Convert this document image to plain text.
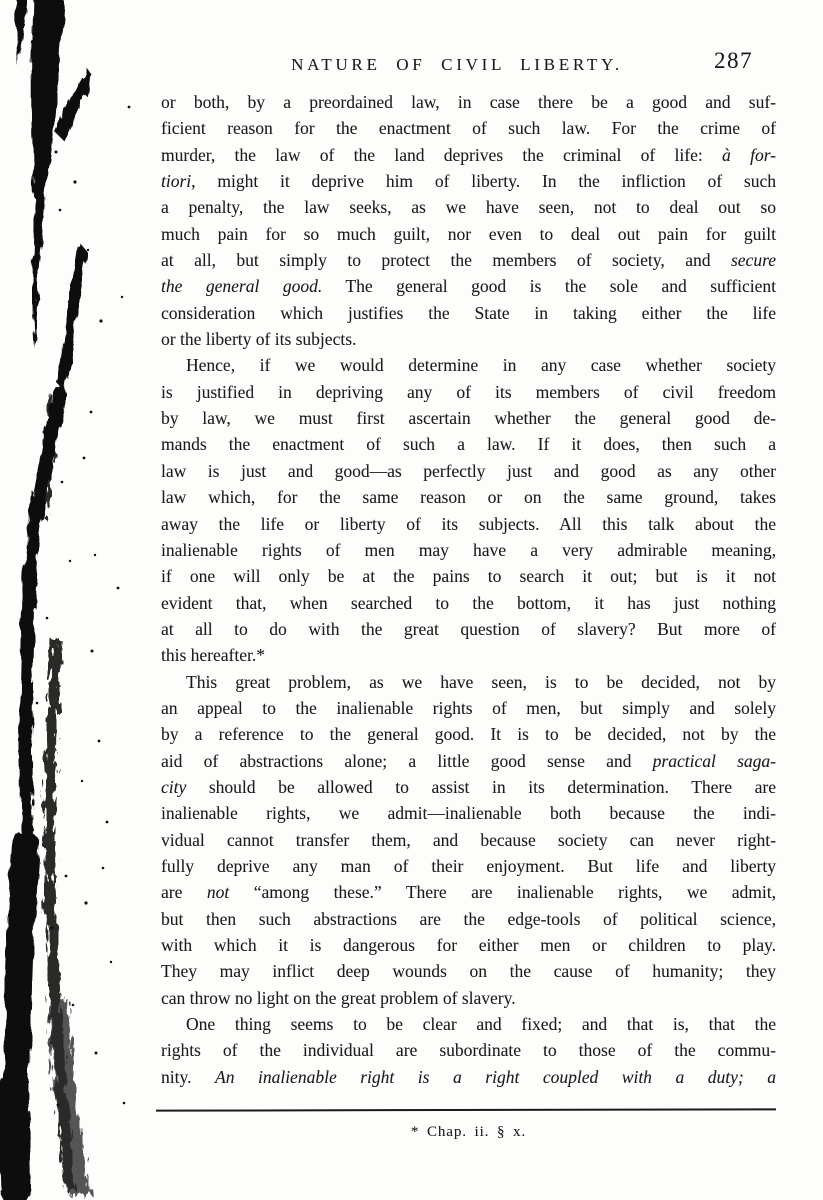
NATURE OF CIVIL LIBERTY.	287
or both, by a preordained law, in case there be a good and suf-
ficient reason for the enactment of such law. For the crime of
murder, the law of the land deprives the criminal of life: à for-
tiori, might it deprive him of liberty. In the infliction of such
a penalty, the law seeks, as we have seen, not to deal out so
much pain for so much guilt, nor even to deal out pain for guilt
at all, but simply to protect the members of society, and secure
the general good. The general good is the sole and sufficient
consideration which justifies the State in taking either the life
or the liberty of its subjects.
Hence, if we would determine in any case whether society
is justified in depriving any of its members of civil freedom
by law, we must first ascertain whether the general good de-
mands the enactment of such a law. If it does, then such a
law is just and good—as perfectly just and good as any other
law which, for the same reason or on the same ground, takes
away the life or liberty of its subjects. All this talk about the
inalienable rights of men may have a very admirable meaning,
if one will only be at the pains to search it out; but is it not
evident that, when searched to the bottom, it has just nothing
at all to do with the great question of slavery? But more of
this hereafter.*
This great problem, as we have seen, is to be decided, not by
an appeal to the inalienable rights of men, but simply and solely
by a reference to the general good. It is to be decided, not by the
aid of abstractions alone; a little good sense and practical saga-
city should be allowed to assist in its determination. There are
inalienable rights, we admit—inalienable both because the indi-
vidual cannot transfer them, and because society can never right-
fully deprive any man of their enjoyment. But life and liberty
are not “among these.” There are inalienable rights, we admit,
but then such abstractions are the edge-tools of political science,
with which it is dangerous for either men or children to play.
They may inflict deep wounds on the cause of humanity; they
can throw no light on the great problem of slavery.
One thing seems to be clear and fixed; and that is, that the
rights of the individual are subordinate to those of the commu-
nity. An inalienable right is a right coupled with a duty; a
* Chap. ii. § x.
